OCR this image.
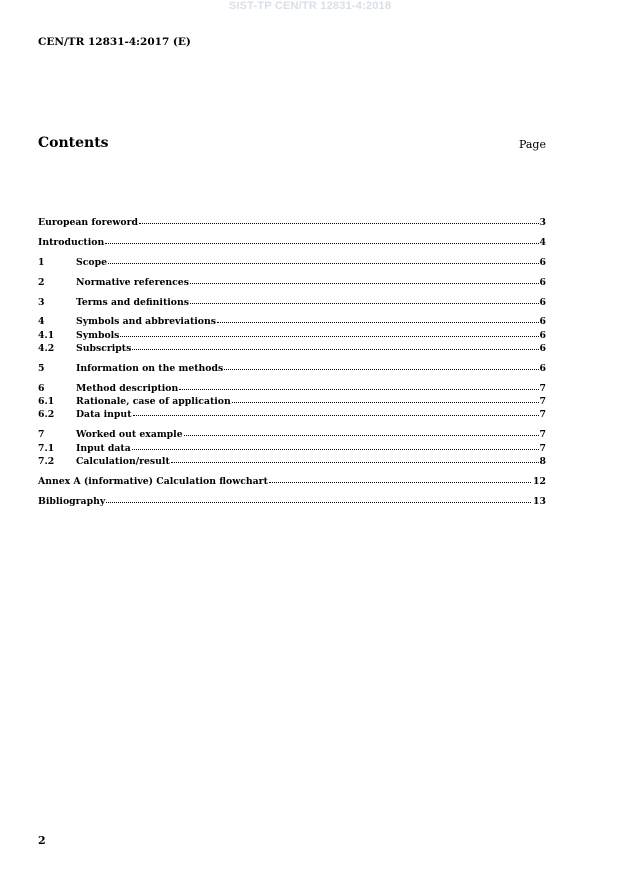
SIST-TP CEN/TR 12831-4:2018
CEN/TR 12831-4:2017 (E)
Contents	Page
European foreword	3
Introduction	4
1	Scope	6
2	Normative references	6
3	Terms and definitions	6
4	Symbols and abbreviations	6
4.1	Symbols	6
4.2	Subscripts	6
5	Information on the methods	6
6	Method description	7
6.1	Rationale, case of application	7
6.2	Data input	7
7	Worked out example	7
7.1	Input data	7
7.2	Calculation/result	8
Annex A (informative) Calculation flowchart	12
Bibliography	13
2
